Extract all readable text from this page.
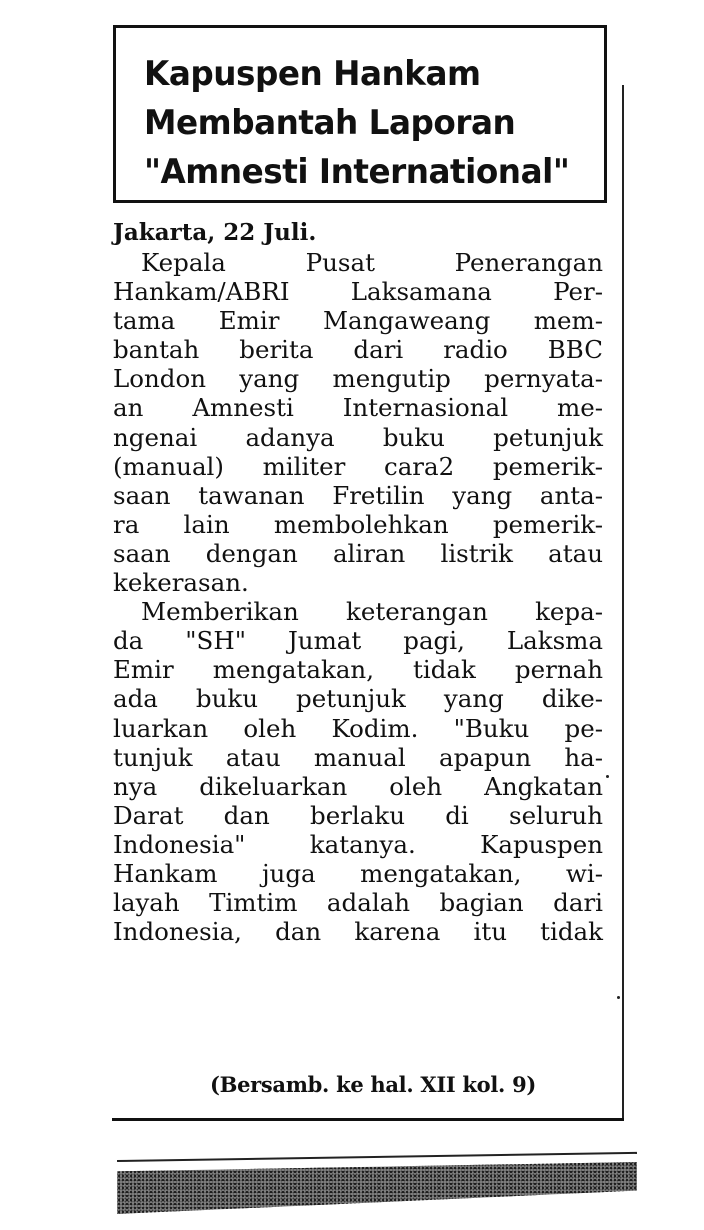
Kapuspen Hankam
Membantah Laporan
"Amnesti International"

Jakarta, 22 Juli.

Kepala Pusat Penerangan
Hankam/ABRI Laksamana Per-
tama Emir Mangaweang mem-
bantah berita dari radio BBC
London yang mengutip pernyata-
an Amnesti Internasional me-
ngenai adanya buku petunjuk
(manual) militer cara2 pemerik-
saan tawanan Fretilin yang anta-
ra lain membolehkan pemerik-
saan dengan aliran listrik atau
kekerasan.
Memberikan keterangan kepa-
da "SH" Jumat pagi, Laksma
Emir mengatakan, tidak pernah
ada buku petunjuk yang dike-
luarkan oleh Kodim. "Buku pe-
tunjuk atau manual apapun ha-
nya dikeluarkan oleh Angkatan
Darat dan berlaku di seluruh
Indonesia" katanya. Kapuspen
Hankam juga mengatakan, wi-
layah Timtim adalah bagian dari
Indonesia, dan karena itu tidak
(Bersamb. ke hal. XII kol. 9)
